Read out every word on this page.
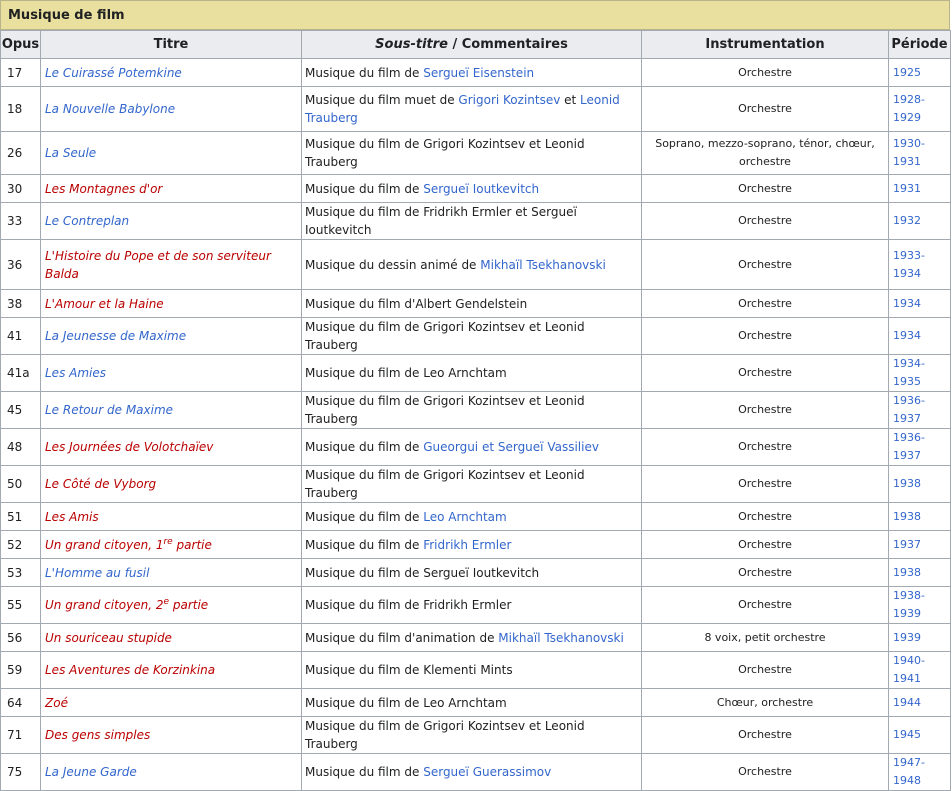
Musique de film
Opus	Titre	Sous-titre / Commentaires	Instrumentation	Période
17	Le Cuirassé Potemkine	Musique du film de Sergueï Eisenstein	Orchestre	1925
18	La Nouvelle Babylone	Musique du film muet de Grigori Kozintsev et Leonid Trauberg	Orchestre	1928-1929
26	La Seule	Musique du film de Grigori Kozintsev et Leonid Trauberg	Soprano, mezzo-soprano, ténor, chœur, orchestre	1930-1931
30	Les Montagnes d'or	Musique du film de Sergueï Ioutkevitch	Orchestre	1931
33	Le Contreplan	Musique du film de Fridrikh Ermler et Sergueï Ioutkevitch	Orchestre	1932
36	L'Histoire du Pope et de son serviteur Balda	Musique du dessin animé de Mikhaïl Tsekhanovski	Orchestre	1933-1934
38	L'Amour et la Haine	Musique du film d'Albert Gendelstein	Orchestre	1934
41	La Jeunesse de Maxime	Musique du film de Grigori Kozintsev et Leonid Trauberg	Orchestre	1934
41a	Les Amies	Musique du film de Leo Arnchtam	Orchestre	1934-1935
45	Le Retour de Maxime	Musique du film de Grigori Kozintsev et Leonid Trauberg	Orchestre	1936-1937
48	Les Journées de Volotchaïev	Musique du film de Gueorgui et Sergueï Vassiliev	Orchestre	1936-1937
50	Le Côté de Vyborg	Musique du film de Grigori Kozintsev et Leonid Trauberg	Orchestre	1938
51	Les Amis	Musique du film de Leo Arnchtam	Orchestre	1938
52	Un grand citoyen, 1re partie	Musique du film de Fridrikh Ermler	Orchestre	1937
53	L'Homme au fusil	Musique du film de Sergueï Ioutkevitch	Orchestre	1938
55	Un grand citoyen, 2e partie	Musique du film de Fridrikh Ermler	Orchestre	1938-1939
56	Un souriceau stupide	Musique du film d'animation de Mikhaïl Tsekhanovski	8 voix, petit orchestre	1939
59	Les Aventures de Korzinkina	Musique du film de Klementi Mints	Orchestre	1940-1941
64	Zoé	Musique du film de Leo Arnchtam	Chœur, orchestre	1944
71	Des gens simples	Musique du film de Grigori Kozintsev et Leonid Trauberg	Orchestre	1945
75	La Jeune Garde	Musique du film de Sergueï Guerassimov	Orchestre	1947-1948
